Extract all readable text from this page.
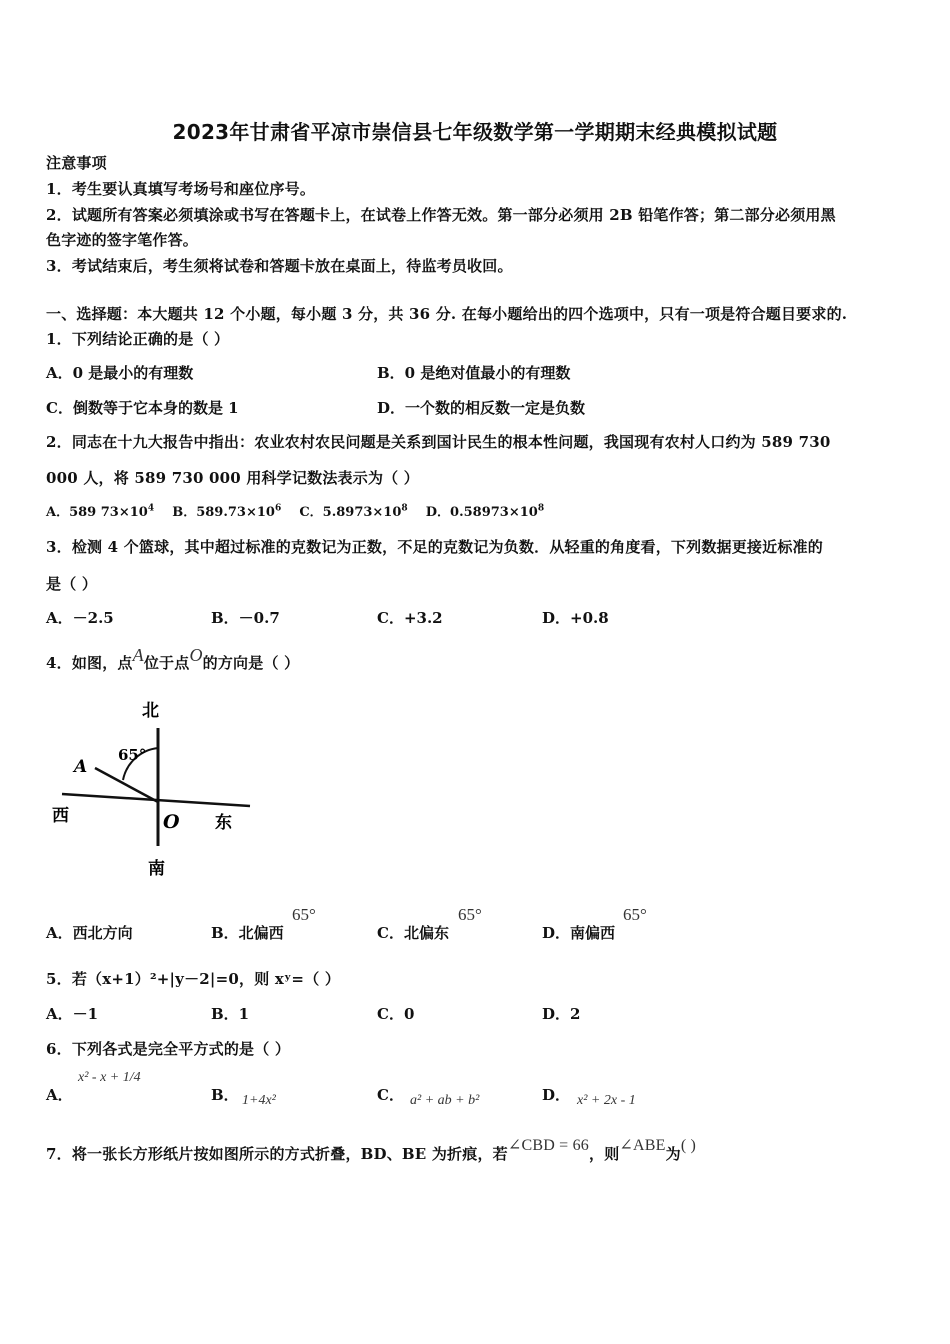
2023年甘肃省平凉市崇信县七年级数学第一学期期末经典模拟试题
注意事项
1．考生要认真填写考场号和座位序号。
2．试题所有答案必须填涂或书写在答题卡上，在试卷上作答无效。第一部分必须用 2B 铅笔作答；第二部分必须用黑
色字迹的签字笔作答。
3．考试结束后，考生须将试卷和答题卡放在桌面上，待监考员收回。
一、选择题：本大题共 12 个小题，每小题 3 分，共 36 分. 在每小题给出的四个选项中，只有一项是符合题目要求的.
1．下列结论正确的是（ ）
A．0 是最小的有理数	B．0 是绝对值最小的有理数
C．倒数等于它本身的数是 1	D．一个数的相反数一定是负数
2．同志在十九大报告中指出：农业农村农民问题是关系到国计民生的根本性问题，我国现有农村人口约为 589 730
000 人，将 589 730 000 用科学记数法表示为（ ）
A．589 $73\times 10^4$ B．$589.73\times 10^6$ C．$5.8973\times 10^8$ D．$0.58973\times 10^8$
3．检测 4 个篮球，其中超过标准的克数记为正数，不足的克数记为负数．从轻重的角度看，下列数据更接近标准的
是（ ）
A．－2.5	B．－0.7	C．+3.2	D．+0.8
4．如图，点A位于点O的方向是（ ）
北
65°
A
西	O 东
南
A．西北方向	B．北偏西
65°
C．北偏东
65°
D．南偏西
65°
5．若（x+1）²+|y－2|=0，则 xʸ=（ ）
A．－1	B．1	C．0	D．2
6．下列各式是完全平方式的是（ ）
A．
x² - x + 1/4
B． 1+4x²	C． a² + ab + b²	D． x² + 2x - 1
7．将一张长方形纸片按如图所示的方式折叠，BD、BE 为折痕，若∠CBD = 66，则∠ABE为( )
